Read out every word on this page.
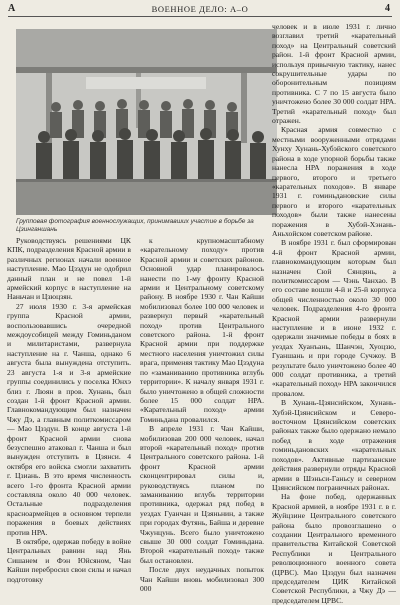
А	ВОЕННОЕ ДЕЛО: А–О	4
Групповая фотография военнослужащих, принимавших участие в борьбе за Цзинганшань

Руководствуясь решениями ЦК КПК, подразделения Красной армии в различных регионах начали военное наступление. Мао Цзэдун не одобрил данный план и не повел 1-й армейский корпус в наступление на Наньчан и Цзюцзян.

27 июля 1930 г. 3-я армейская группа Красной армии, воспользовавшись очередной междоусобицей между Гоминьданом и милитаристами, развернула наступление на г. Чанша, однако 6 августа была вынуждена отступить. 23 августа 1-я и 3-я армейские группы соединились у поселка Юнхэ близ г. Люян в пров. Хунань, был создан 1-й фронт Красной армии. Главнокомандующим был назначен Чжу Дэ, а главным политкомиссаром — Мао Цзэдун. В конце августа 1-й фронт Красной армии снова безуспешно атаковал г. Чанша и был вынужден отступить в Цзянси. 4 октября его войска смогли захватить г. Цзиань. В это время численность всего 1-го фронта Красной армии составляла около 40 000 человек. Остальные подразделения красноармейцев в основном терпели поражения в боевых действиях против НРА.

В октябре, одержав победу в войне Центральных равнин над Янь Сишанем и Фэн Юйсяном, Чан Кайши перебросил свои силы и начал подготовку

к крупномасштабному «карательному походу» против Красной армии и советских районов. Основной удар планировалось нанести по 1-му фронту Красной армии и Центральному советскому району. В ноябре 1930 г. Чан Кайши мобилизовал более 100 000 человек и развернул первый «карательный поход» против Центрального советского района. 1-й фронт Красной армии при поддержке местного населения уничтожил силы врага, применяя тактику Мао Цзэдуна по «заманиванию противника вглубь территории». К началу января 1931 г. было уничтожено в общей сложности более 15 000 солдат НРА. «Карательный поход» армии Гоминьдана провалился.

В апреле 1931 г. Чан Кайши, мобилизовав 200 000 человек, начал второй «карательный поход» против Центрального советского района. 1-й фронт Красной армии сконцентрировал силы и, руководствуясь планом по заманиванию вглубь территории противника, одержал ряд побед в уездах Гуанчан и Цзяньнин, а также при городах Футянь, Байша и деревне Чжунцунь. Всего было уничтожено свыше 30 000 солдат Гоминьдана. Второй «карательный поход» также был остановлен.

После двух неудачных попыток Чан Кайши вновь мобилизовал 300 000

человек и в июле 1931 г. лично возглавил третий «карательный поход» на Центральный советский район. 1-й фронт Красной армии, используя привычную тактику, нанес сокрушительные удары по оборонительным позициям противника. С 7 по 15 августа было уничтожено более 30 000 солдат НРА. Третий «карательный поход» был отражен.

Красная армия совместно с местными вооруженными отрядами Хунху Хунань-Хубэйского советского района в ходе упорной борьбы также нанесла НРА поражения в ходе первого, второго и третьего «карательных походов». В январе 1931 г. гоминьдановские силы первого и второго «карательных походов» были также нанесены поражения в Хубэй-Хэнань-Аньхойском советском районе.

В ноябре 1931 г. был сформирован 4-й фронт Красной армии, главнокомандующим которым был назначен Сюй Сянцянь, а политкомиссаром — Чэнь Чанхао. В его составе вошли 4-й и 25-й корпуса общей численностью около 30 000 человек. Подразделения 4-го фронта Красной армии развернули наступление и в июне 1932 г. одержали значимые победы в боях в уездах Хуанъань, Шанчэн, Хуоцзю, Гуаншань и при городе Сучжоу. В результате было уничтожено более 40 000 солдат противника, а третий «карательный поход» НРА закончился провалом.

В Хунань-Цзянсийском, Хунань-Хубэй-Цзянсийском и Северо-восточном Цзянсийском советских районах также было одержано немало побед в ходе отражения гоминьдановских «карательных походов». Активные партизанские действия развернули отряды Красной армии в Шэньси-Ганьсу и северном Цзянсийском пограничных районах.

На фоне побед, одержанных Красной армией, в ноябре 1931 г. в г. Жуйцзине Центрального советского района было провозглашено о создании Центрального временного правительства Китайской Советской Республики и Центрального революционного военного совета (ЦРВС). Мао Цзэдун был назначен председателем ЦИК Китайской Советской Республики, а Чжу Дэ — председателем ЦРВС.
